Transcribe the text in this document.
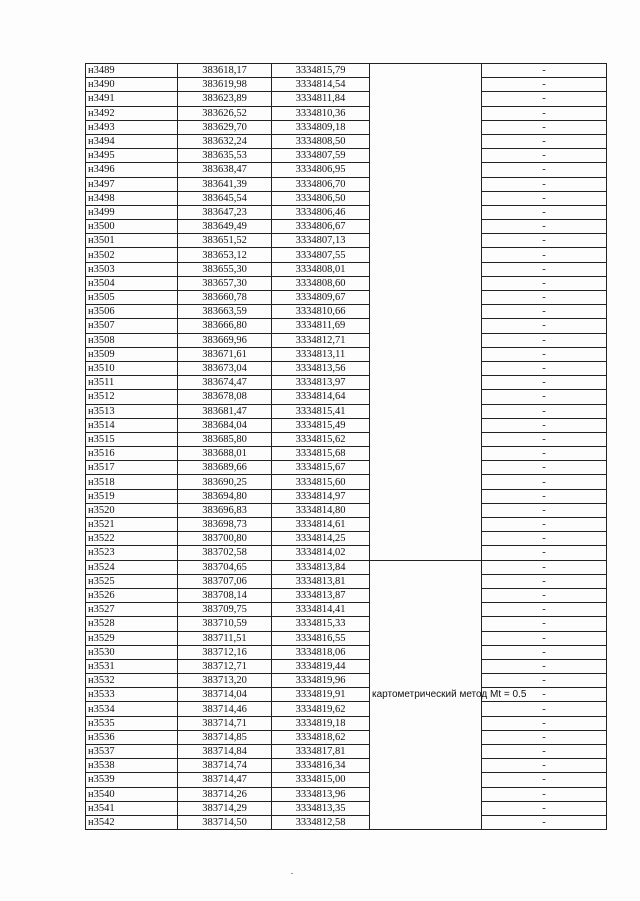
н3489	383618,17	3334815,79		-
н3490	383619,98	3334814,54		-
н3491	383623,89	3334811,84		-
н3492	383626,52	3334810,36		-
н3493	383629,70	3334809,18		-
н3494	383632,24	3334808,50		-
н3495	383635,53	3334807,59		-
н3496	383638,47	3334806,95		-
н3497	383641,39	3334806,70		-
н3498	383645,54	3334806,50		-
н3499	383647,23	3334806,46		-
н3500	383649,49	3334806,67		-
н3501	383651,52	3334807,13		-
н3502	383653,12	3334807,55		-
н3503	383655,30	3334808,01		-
н3504	383657,30	3334808,60		-
н3505	383660,78	3334809,67		-
н3506	383663,59	3334810,66		-
н3507	383666,80	3334811,69		-
н3508	383669,96	3334812,71		-
н3509	383671,61	3334813,11		-
н3510	383673,04	3334813,56		-
н3511	383674,47	3334813,97		-
н3512	383678,08	3334814,64		-
н3513	383681,47	3334815,41		-
н3514	383684,04	3334815,49		-
н3515	383685,80	3334815,62		-
н3516	383688,01	3334815,68		-
н3517	383689,66	3334815,67		-
н3518	383690,25	3334815,60		-
н3519	383694,80	3334814,97		-
н3520	383696,83	3334814,80		-
н3521	383698,73	3334814,61		-
н3522	383700,80	3334814,25		-
н3523	383702,58	3334814,02		-
н3524	383704,65	3334813,84	картометрический метод Mt = 0.5	-
н3525	383707,06	3334813,81		-
н3526	383708,14	3334813,87		-
н3527	383709,75	3334814,41		-
н3528	383710,59	3334815,33		-
н3529	383711,51	3334816,55		-
н3530	383712,16	3334818,06		-
н3531	383712,71	3334819,44		-
н3532	383713,20	3334819,96		-
н3533	383714,04	3334819,91		-
н3534	383714,46	3334819,62		-
н3535	383714,71	3334819,18		-
н3536	383714,85	3334818,62		-
н3537	383714,84	3334817,81		-
н3538	383714,74	3334816,34		-
н3539	383714,47	3334815,00		-
н3540	383714,26	3334813,96		-
н3541	383714,29	3334813,35		-
н3542	383714,50	3334812,58		-
